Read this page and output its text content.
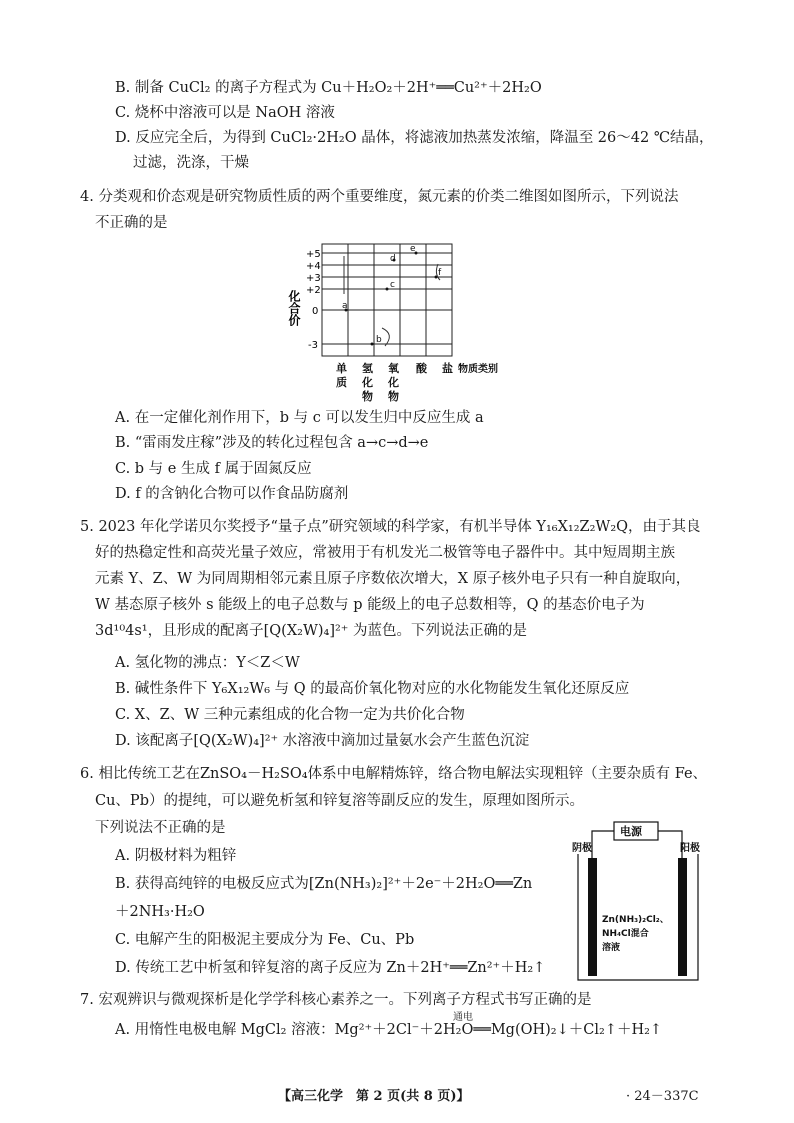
B. 制备 CuCl₂ 的离子方程式为 Cu＋H₂O₂＋2H⁺══Cu²⁺＋2H₂O
C. 烧杯中溶液可以是 NaOH 溶液
D. 反应完全后，为得到 CuCl₂·2H₂O 晶体，将滤液加热蒸发浓缩，降温至 26～42 ℃结晶，
过滤，洗涤，干燥
4. 分类观和价态观是研究物质性质的两个重要维度，氮元素的价类二维图如图所示，下列说法
不正确的是
化合价
+5
+4
+3
+2
0
-3
a
b
c
d
e
f
单
质
氢
化
物
氧
化
物
酸 盐 物质类别
A. 在一定催化剂作用下，b 与 c 可以发生归中反应生成 a
B. “雷雨发庄稼”涉及的转化过程包含 a→c→d→e
C. b 与 e 生成 f 属于固氮反应
D. f 的含钠化合物可以作食品防腐剂
5. 2023 年化学诺贝尔奖授予“量子点”研究领域的科学家，有机半导体 Y₁₆X₁₂Z₂W₂Q，由于其良
好的热稳定性和高荧光量子效应，常被用于有机发光二极管等电子器件中。其中短周期主族
元素 Y、Z、W 为同周期相邻元素且原子序数依次增大，X 原子核外电子只有一种自旋取向，
W 基态原子核外 s 能级上的电子总数与 p 能级上的电子总数相等，Q 的基态价电子为
3d¹⁰4s¹，且形成的配离子[Q(X₂W)₄]²⁺ 为蓝色。下列说法正确的是
A. 氢化物的沸点：Y＜Z＜W
B. 碱性条件下 Y₆X₁₂W₆ 与 Q 的最高价氧化物对应的水化物能发生氧化还原反应
C. X、Z、W 三种元素组成的化合物一定为共价化合物
D. 该配离子[Q(X₂W)₄]²⁺ 水溶液中滴加过量氨水会产生蓝色沉淀
6. 相比传统工艺在ZnSO₄－H₂SO₄体系中电解精炼锌，络合物电解法实现粗锌（主要杂质有 Fe、
Cu、Pb）的提纯，可以避免析氢和锌复溶等副反应的发生，原理如图所示。
下列说法不正确的是
A. 阴极材料为粗锌
B. 获得高纯锌的电极反应式为[Zn(NH₃)₂]²⁺＋2e⁻＋2H₂O══Zn
＋2NH₃·H₂O
C. 电解产生的阳极泥主要成分为 Fe、Cu、Pb
D. 传统工艺中析氢和锌复溶的离子反应为 Zn＋2H⁺══Zn²⁺＋H₂↑
电源
阴极	阳极
Zn(NH₃)₂Cl₂、
NH₄Cl混合
溶液
7. 宏观辨识与微观探析是化学学科核心素养之一。下列离子方程式书写正确的是
A. 用惰性电极电解 MgCl₂ 溶液：Mg²⁺＋2Cl⁻＋2H₂O══Mg(OH)₂↓＋Cl₂↑＋H₂↑
通电
【高三化学　第 2 页(共 8 页)】	· 24－337C
